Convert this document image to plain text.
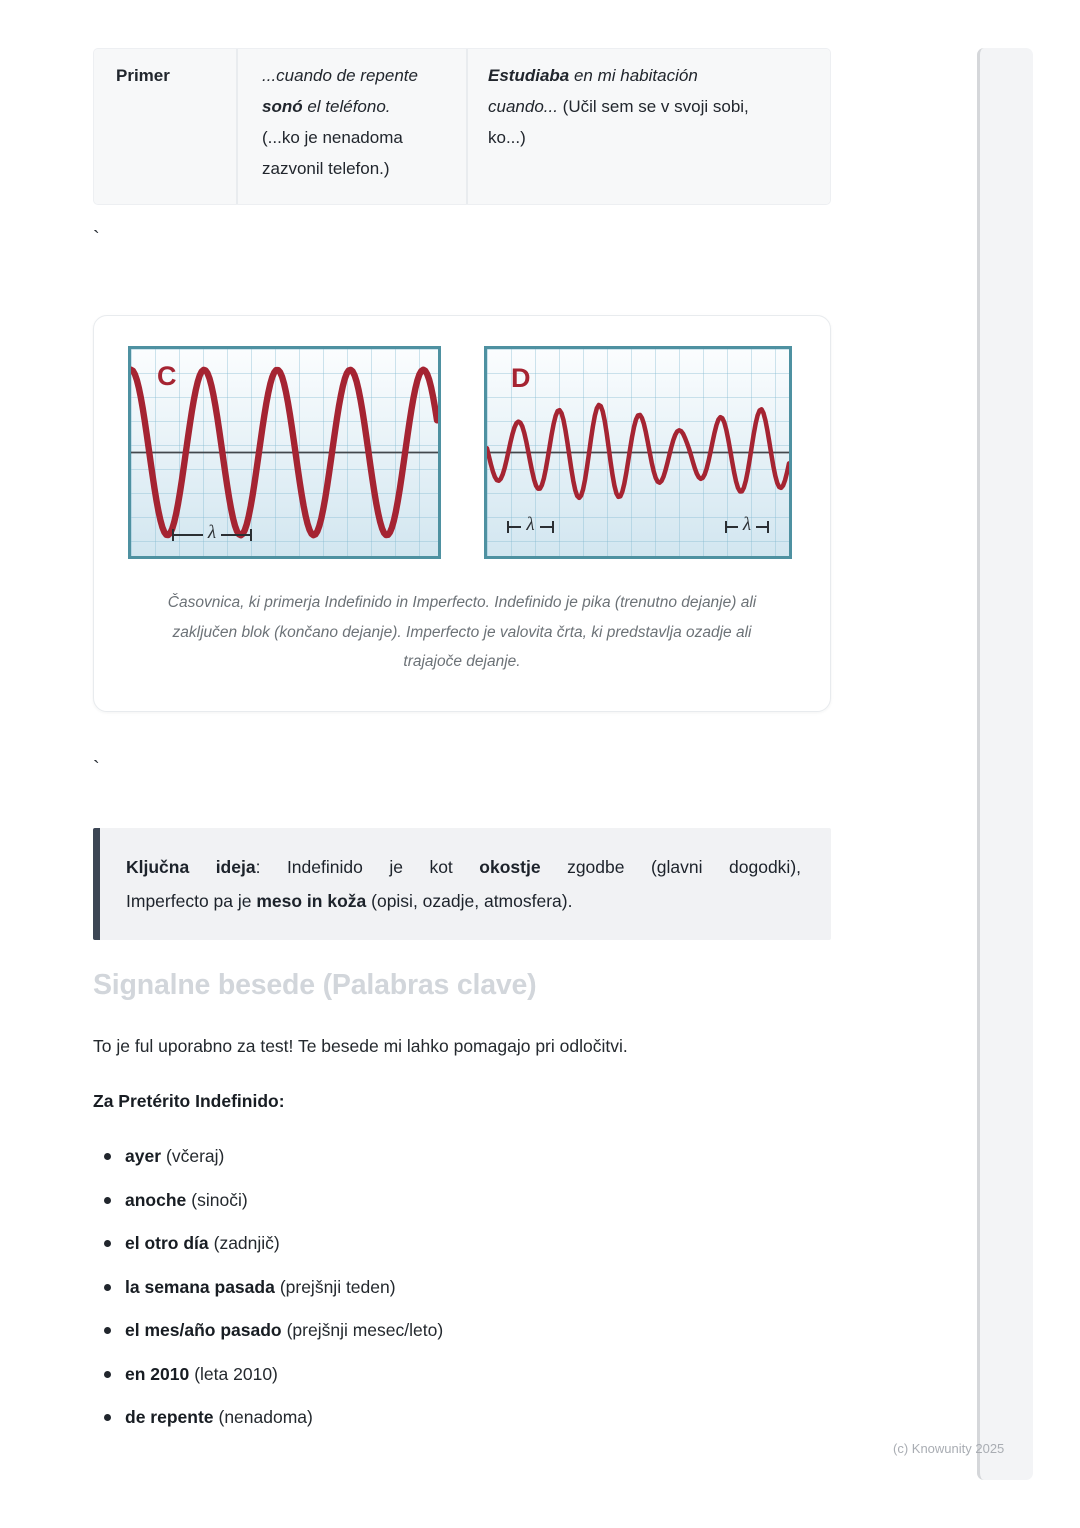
Primer	...cuando de repente
sonó el teléfono.
(...ko je nenadoma
zazvonil telefon.)
Estudiaba en mi habitación
cuando... (Učil sem se v svoji sobi,
ko...)
`
C
λ
D
λ	λ
Časovnica, ki primerja Indefinido in Imperfecto. Indefinido je pika (trenutno dejanje) ali zaključen blok (končano dejanje). Imperfecto je valovita črta, ki predstavlja ozadje ali trajajoče dejanje.
`
Ključna ideja: Indefinido je kot okostje zgodbe (glavni dogodki),
Imperfecto pa je meso in koža (opisi, ozadje, atmosfera).
Signalne besede (Palabras clave)

To je ful uporabno za test! Te besede mi lahko pomagajo pri odločitvi.

Za Pretérito Indefinido:

ayer (včeraj)
anoche (sinoči)
el otro día (zadnjič)
la semana pasada (prejšnji teden)
el mes/año pasado (prejšnji mesec/leto)
en 2010 (leta 2010)
de repente (nenadoma)
(c) Knowunity 2025
